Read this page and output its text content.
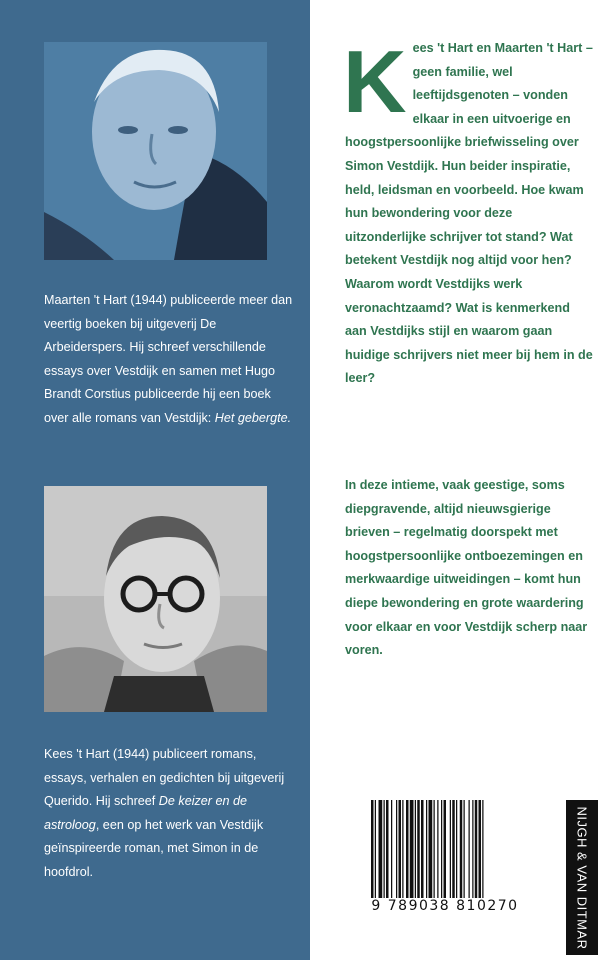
Maarten 't Hart (1944) publiceerde meer dan veertig boeken bij uitgeverij De Arbeiderspers. Hij schreef verschillende essays over Vestdijk en samen met Hugo Brandt Corstius publiceerde hij een boek over alle romans van Vestdijk: Het gebergte.

Kees 't Hart (1944) publiceert romans, essays, verhalen en gedichten bij uitgeverij Querido. Hij schreef De keizer en de astroloog, een op het werk van Vestdijk geïnspireerde roman, met Simon in de hoofdrol.

Kees 't Hart en Maarten 't Hart – geen familie, wel leeftijdsgenoten – vonden elkaar in een uitvoerige en hoogstpersoonlijke briefwisseling over Simon Vestdijk. Hun beider inspiratie, held, leidsman en voorbeeld. Hoe kwam hun bewondering voor deze uitzonderlijke schrijver tot stand? Wat betekent Vestdijk nog altijd voor hen? Waarom wordt Vestdijks werk veronachtzaamd? Wat is kenmerkend aan Vestdijks stijl en waarom gaan huidige schrijvers niet meer bij hem in de leer?

In deze intieme, vaak geestige, soms diepgravende, altijd nieuwsgierige brieven – regelmatig doorspekt met hoogstpersoonlijke ontboezemingen en merkwaardige uitweidingen – komt hun diepe bewondering en grote waardering voor elkaar en voor Vestdijk scherp naar voren.

9 789038 810270	NIJGH & VAN DITMAR
